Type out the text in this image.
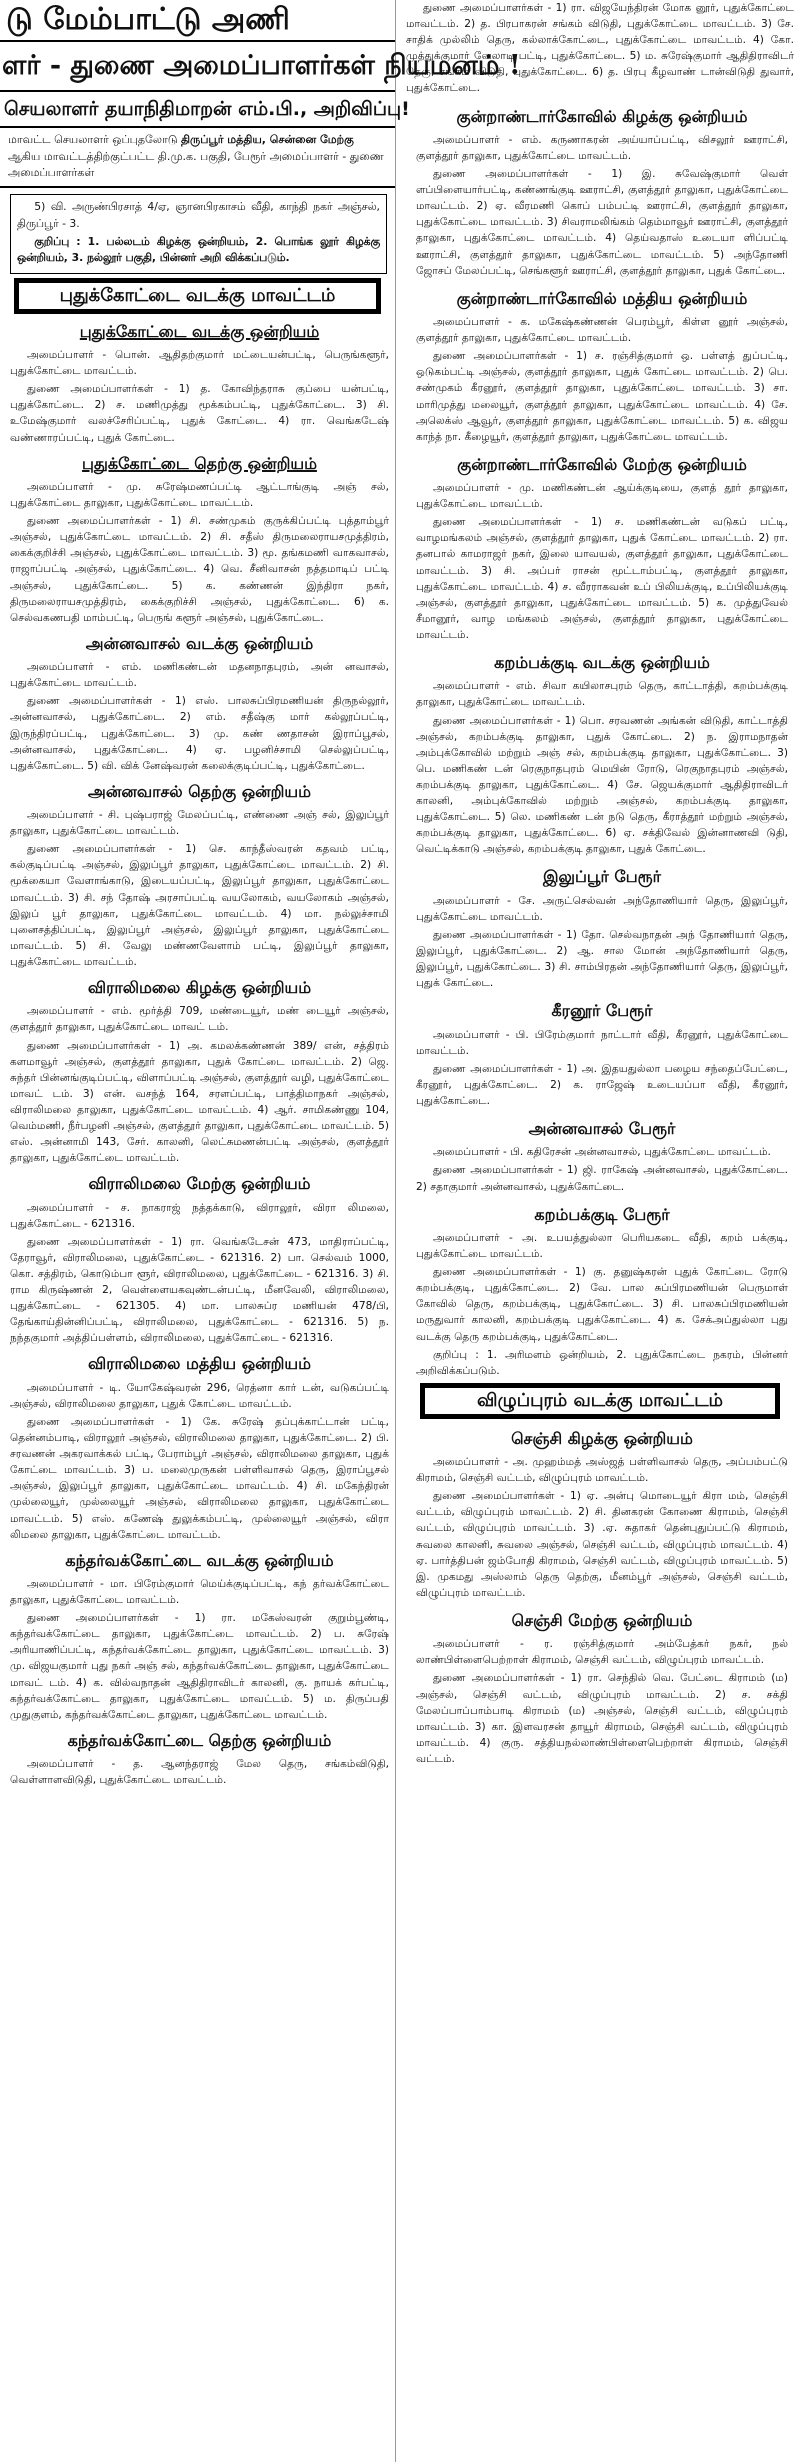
டு மேம்பாட்டு அணி
ளர் - துணை அமைப்பாளர்கள் நியமனம் !
செயலாளர் தயாநிதிமாறன் எம்.பி., அறிவிப்பு!
மாவட்ட செயலாளர் ஒப்புதலோடு திருப்பூர் மத்திய, சென்னை மேற்கு ஆகிய மாவட்டத்திற்குட்பட்ட தி.மு.க. பகுதி, பேரூர் அமைப்பாளர் - துணை அமைப்பாளர்கள்
5) வி. அருண்பிரசாத் 4/ஏ, ஞானபிரகாசம் வீதி, காந்தி நகர் அஞ்சல், திருப்பூர் - 3.
குறிப்பு : 1. பல்லடம் கிழக்கு ஒன்றியம், 2. பொங்க லூர் கிழக்கு ஒன்றியம், 3. நல்லூர் பகுதி, பின்னர் அறி விக்கப்படும்.
புதுக்கோட்டை வடக்கு மாவட்டம்
புதுக்கோட்டை வடக்கு ஒன்றியம்
அமைப்பாளர் - பொன். ஆதிதற்குமார் மட்டையன்பட்டி, பெருங்களூர், புதுக்கோட்டை மாவட்டம்.
துணை அமைப்பாளர்கள் - 1) த. கோவிந்தராசு குப்பை யன்பட்டி, புதுக்கோட்டை. 2) ச. மணிமுத்து மூக்கம்பட்டி, புதுக்கோட்டை. 3) சி. உமேஷ்குமார் வலச்சேரிப்பட்டி, புதுக் கோட்டை. 4) ரா. வெங்கடேஷ் வண்ணாரப்பட்டி, புதுக் கோட்டை.
புதுக்கோட்டை தெற்கு ஒன்றியம்
அமைப்பாளர் - மு. சுரேஷ்மணப்பட்டி ஆட்டாங்குடி அஞ் சல், புதுக்கோட்டை தாலுகா, புதுக்கோட்டை மாவட்டம்.
துணை அமைப்பாளர்கள் - 1) சி. சண்முகம் குருக்கிப்பட்டி புத்தாம்பூர் அஞ்சல், புதுக்கோட்டை மாவட்டம். 2) சி. சதீஸ் திருமலைராயசமுத்திரம், கைக்குறிச்சி அஞ்சல், புதுக்கோட்டை மாவட்டம். 3) மூ. தங்கமணி வாகவாசல், ராஜாப்பட்டி அஞ்சல், புதுக்கோட்டை. 4) வெ. சீனிவாசன் நத்தமாடிப் பட்டி அஞ்சல், புதுக்கோட்டை. 5) க. கண்ணன் இந்திரா நகர், திருமலைராயசமுத்திரம், கைக்குறிச்சி அஞ்சல், புதுக்கோட்டை. 6) க. செல்வகணபதி மாம்பட்டி, பெருங் களூர் அஞ்சல், புதுக்கோட்டை.
அன்னவாசல் வடக்கு ஒன்றியம்
அமைப்பாளர் - எம். மணிகண்டன் மதனநாதபுரம், அன் னவாசல், புதுக்கோட்டை மாவட்டம்.
துணை அமைப்பாளர்கள் - 1) எஸ். பாலசுப்பிரமணியன் திருநல்லூர், அன்னவாசல், புதுக்கோட்டை. 2) எம். சதீஷ்கு மார் கல்லூப்பட்டி, இருந்திரப்பட்டி, புதுக்கோட்டை. 3) மு. கண் ணதாசன் இராப்பூசல், அன்னவாசல், புதுக்கோட்டை. 4) ஏ. பழனிச்சாமி செல்லுப்பட்டி, புதுக்கோட்டை. 5) வி. விக் னேஷ்வரன் கலைக்குடிப்பட்டி, புதுக்கோட்டை.
அன்னவாசல் தெற்கு ஒன்றியம்
அமைப்பாளர் - சி. புஷ்பராஜ் மேலப்பட்டி, எண்ணை அஞ் சல், இலுப்பூர் தாலுகா, புதுக்கோட்டை மாவட்டம்.
துணை அமைப்பாளர்கள் - 1) செ. காந்தீஸ்வரன் கதவம் பட்டி, கல்குடிப்பட்டி அஞ்சல், இலுப்பூர் தாலுகா, புதுக்கோட்டை மாவட்டம். 2) சி. மூக்கையா வேளாங்காடு, இடையப்பட்டி, இலுப்பூர் தாலுகா, புதுக்கோட்டை மாவட்டம். 3) சி. சந் தோஷ் அரசாப்பட்டி வயலோகம், வயலோகம் அஞ்சல், இலுப் பூர் தாலுகா, புதுக்கோட்டை மாவட்டம். 4) மா. நல்லுச்சாமி புனைசத்திப்பட்டி, இலுப்பூர் அஞ்சல், இலுப்பூர் தாலுகா, புதுக்கோட்டை மாவட்டம். 5) சி. வேலு மண்ணவேளாம் பட்டி, இலுப்பூர் தாலுகா, புதுக்கோட்டை மாவட்டம்.
விராலிமலை கிழக்கு ஒன்றியம்
அமைப்பாளர் - எம். மூர்த்தி 709, மண்டையூர், மண் டையூர் அஞ்சல், குளத்தூர் தாலுகா, புதுக்கோட்டை மாவட் டம்.
துணை அமைப்பாளர்கள் - 1) அ. கமலக்கண்ணன் 389/ என், சத்திரம் களமாவூர் அஞ்சல், குளத்தூர் தாலுகா, புதுக் கோட்டை மாவட்டம். 2) ஜெ. சுந்தர் பின்னங்குடிப்பட்டி, விளாப்பட்டி அஞ்சல், குளத்தூர் வழி, புதுக்கோட்டை மாவட் டம். 3) என். வசந்த் 164, சரளப்பட்டி, பாத்திமாநகர் அஞ்சல், விராலிமலை தாலுகா, புதுக்கோட்டை மாவட்டம். 4) ஆர். சாமிகண்ணு 104, வெம்மணி, நீர்பழனி அஞ்சல், குளத்தூர் தாலுகா, புதுக்கோட்டை மாவட்டம். 5) எஸ். அன்னாமி 143, சேர். காலனி, லெட்சுமணன்பட்டி அஞ்சல், குளத்தூர் தாலுகா, புதுக்கோட்டை மாவட்டம்.
விராலிமலை மேற்கு ஒன்றியம்
அமைப்பாளர் - ச. நாகராஜ் நத்தக்காடு, விராலூர், விரா லிமலை, புதுக்கோட்டை - 621316.
துணை அமைப்பாளர்கள் - 1) ரா. வெங்கடேசன் 473, மாதிராப்பட்டி, தேராவூர், விராலிமலை, புதுக்கோட்டை - 621316. 2) பா. செல்வம் 1000, கொ. சத்திரம், கொடும்பா ளூர், விராலிமலை, புதுக்கோட்டை - 621316. 3) சி. ராம கிருஷ்ணன் 2, வெள்ளையகவுண்டன்பட்டி, மீனவேலி, விராலிமலை, புதுக்கோட்டை - 621305. 4) மா. பாலசுப்ர மணியன் 478/பி, தேங்காய்தின்னிப்பட்டி, விராலிமலை, புதுக்கோட்டை - 621316. 5) ந. நந்தகுமார் அத்திப்பள்ளம், விராலிமலை, புதுக்கோட்டை - 621316.
விராலிமலை மத்திய ஒன்றியம்
அமைப்பாளர் - டி. யோகேஷ்வரன் 296, ரெத்னா கார் டன், வடுகப்பட்டி அஞ்சல், விராலிமலை தாலுகா, புதுக் கோட்டை மாவட்டம்.
துணை அமைப்பாளர்கள் - 1) கே. சுரேஷ் தப்புக்காட்டான் பட்டி, தென்னம்பாடி, விராலூர் அஞ்சல், விராலிமலை தாலுகா, புதுக்கோட்டை. 2) பி. சரவணன் அகரவாக்கல் பட்டி, பேராம்பூர் அஞ்சல், விராலிமலை தாலுகா, புதுக் கோட்டை மாவட்டம். 3) ப. மலைமுருகன் பள்ளிவாசல் தெரு, இராப்பூசல் அஞ்சல், இலுப்பூர் தாலுகா, புதுக்கோட்டை மாவட்டம். 4) சி. மகேந்திரன் முல்லையூர், முல்லையூர் அஞ்சல், விராலிமலை தாலுகா, புதுக்கோட்டை மாவட்டம். 5) எஸ். கணேஷ் துலுக்கம்பட்டி, முல்லையூர் அஞ்சல், விரா லிமலை தாலுகா, புதுக்கோட்டை மாவட்டம்.
கந்தர்வக்கோட்டை வடக்கு ஒன்றியம்
அமைப்பாளர் - மா. பிரேம்குமார் மெய்க்குடிப்பட்டி, கந் தர்வக்கோட்டை தாலுகா, புதுக்கோட்டை மாவட்டம்.
துணை அமைப்பாளர்கள் - 1) ரா. மகேஸ்வரன் குறும்பூண்டி, கந்தர்வக்கோட்டை தாலுகா, புதுக்கோட்டை மாவட்டம். 2) ப. சுரேஷ் அரியாணிப்பட்டி, கந்தர்வக்கோட்டை தாலுகா, புதுக்கோட்டை மாவட்டம். 3) மு. விஜயகுமார் புது நகர் அஞ் சல், கந்தர்வக்கோட்டை தாலுகா, புதுக்கோட்டை மாவட் டம். 4) க. வில்வநாதன் ஆதிதிராவிடர் காலனி, கு. நாயக் கர்பட்டி, கந்தர்வக்கோட்டை தாலுகா, புதுக்கோட்டை மாவட்டம். 5) ம. திருப்பதி முதுகுளம், கந்தர்வக்கோட்டை தாலுகா, புதுக்கோட்டை மாவட்டம்.
கந்தர்வக்கோட்டை தெற்கு ஒன்றியம்
அமைப்பாளர் - த. ஆனந்தராஜ் மேல தெரு, சங்கம்விடுதி, வெள்ளாளவிடுதி, புதுக்கோட்டை மாவட்டம்.
துணை அமைப்பாளர்கள் - 1) ரா. விஜயேந்திரன் மோக னூர், புதுக்கோட்டை மாவட்டம். 2) த. பிரபாகரன் சங்கம் விடுதி, புதுக்கோட்டை மாவட்டம். 3) சே. சாதிக் முல்லிம் தெரு, கல்லாக்கோட்டை, புதுக்கோட்டை மாவட்டம். 4) கோ. முத்துக்குமார் வேலாடி பட்டி, புதுக்கோட்டை. 5) ம. சுரேஷ்குமார் ஆதிதிராவிடர் தெரு, சங்கம் விடுதி, புதுக்கோட்டை. 6) த. பிரபு கீழவாண் டான்விடுதி துவார், புதுக்கோட்டை.
குன்றாண்டார்கோவில் கிழக்கு ஒன்றியம்
அமைப்பாளர் - எம். கருணாகரன் அய்யாப்பட்டி, விசலூர் ஊராட்சி, குளத்தூர் தாலுகா, புதுக்கோட்டை மாவட்டம்.
துணை அமைப்பாளர்கள் - 1) இ. சுவேஷ்குமார் வெள் ளப்பிளையார்பட்டி, கண்ணங்குடி ஊராட்சி, குளத்தூர் தாலுகா, புதுக்கோட்டை மாவட்டம். 2) ஏ. வீரமணி கொப் பம்பட்டி ஊராட்சி, குளத்தூர் தாலுகா, புதுக்கோட்டை மாவட்டம். 3) சிவராமலிங்கம் தெம்மாவூர் ஊராட்சி, குளத்தூர் தாலுகா, புதுக்கோட்டை மாவட்டம். 4) தெய்வதாஸ் உடையா ளிப்பட்டி ஊராட்சி, குளத்தூர் தாலுகா, புதுக்கோட்டை மாவட்டம். 5) அந்தோணி ஜோசப் மேலப்பட்டி, செங்களூர் ஊராட்சி, குளத்தூர் தாலுகா, புதுக் கோட்டை.
குன்றாண்டார்கோவில் மத்திய ஒன்றியம்
அமைப்பாளர் - க. மகேஷ்கண்ணன் பெரம்பூர், கிள்ள னூர் அஞ்சல், குளத்தூர் தாலுகா, புதுக்கோட்டை மாவட்டம்.
துணை அமைப்பாளர்கள் - 1) ச. ரஞ்சித்குமார் ஒ. பள்ளத் துப்பட்டி, ஒடுகம்பட்டி அஞ்சல், குளத்தூர் தாலுகா, புதுக் கோட்டை மாவட்டம். 2) பெ. சண்முகம் கீரனூர், குளத்தூர் தாலுகா, புதுக்கோட்டை மாவட்டம். 3) சா. மாரிமுத்து மலையூர், குளத்தூர் தாலுகா, புதுக்கோட்டை மாவட்டம். 4) சே. அலெக்ஸ் ஆவூர், குளத்தூர் தாலுகா, புதுக்கோட்டை மாவட்டம். 5) க. விஜய காந்த் நா. கீழையூர், குளத்தூர் தாலுகா, புதுக்கோட்டை மாவட்டம்.
குன்றாண்டார்கோவில் மேற்கு ஒன்றியம்
அமைப்பாளர் - மு. மணிகண்டன் ஆய்க்குடியை, குளத் தூர் தாலுகா, புதுக்கோட்டை மாவட்டம்.
துணை அமைப்பாளர்கள் - 1) ச. மணிகண்டன் வடுகப் பட்டி, வாழமங்கலம் அஞ்சல், குளத்தூர் தாலுகா, புதுக் கோட்டை மாவட்டம். 2) ரா. தனபால் காமராஜர் நகர், இலை யாவயல், குளத்தூர் தாலுகா, புதுக்கோட்டை மாவட்டம். 3) சி. அப்பர் ராசன் மூட்டாம்பட்டி, குளத்தூர் தாலுகா, புதுக்கோட்டை மாவட்டம். 4) ச. வீரராகவன் உப் பிலியக்குடி, உப்பிலியக்குடி அஞ்சல், குளத்தூர் தாலுகா, புதுக்கோட்டை மாவட்டம். 5) க. முத்துவேல் சீமானூர், வாழ மங்கலம் அஞ்சல், குளத்தூர் தாலுகா, புதுக்கோட்டை மாவட்டம்.
கறம்பக்குடி வடக்கு ஒன்றியம்
அமைப்பாளர் - எம். சிவா கயிலாசபுரம் தெரு, காட்டாத்தி, கறம்பக்குடி தாலுகா, புதுக்கோட்டை மாவட்டம்.
துணை அமைப்பாளர்கள் - 1) பொ. சரவணன் அங்கன் விடுதி, காட்டாத்தி அஞ்சல், கறம்பக்குடி தாலுகா, புதுக் கோட்டை. 2) ந. இராமநாதன் அம்புக்கோவில் மற்றும் அஞ் சல், கறம்பக்குடி தாலுகா, புதுக்கோட்டை. 3) பெ. மணிகண் டன் ரெகுநாதபுரம் மெயின் ரோடு, ரெகுநாதபுரம் அஞ்சல், கறம்பக்குடி தாலுகா, புதுக்கோட்டை. 4) சே. ஜெயக்குமார் ஆதிதிராவிடர் காலனி, அம்புக்கோவில் மற்றும் அஞ்சல், கறம்பக்குடி தாலுகா, புதுக்கோட்டை. 5) லெ. மணிகண் டன் நடு தெரு, கீராத்தூர் மற்றும் அஞ்சல், கறம்பக்குடி தாலுகா, புதுக்கோட்டை. 6) ஏ. சக்திவேல் இன்னாணவி டுதி, வெட்டிக்காடு அஞ்சல், கறம்பக்குடி தாலுகா, புதுக் கோட்டை.
இலுப்பூர் பேரூர்
அமைப்பாளர் - சே. அருட்செல்வன் அந்தோணியார் தெரு, இலுப்பூர், புதுக்கோட்டை மாவட்டம்.
துணை அமைப்பாளர்கள் - 1) தோ. செல்வநாதன் அந் தோணியார் தெரு, இலுப்பூர், புதுக்கோட்டை. 2) ஆ. சால மோன் அந்தோணியார் தெரு, இலுப்பூர், புதுக்கோட்டை. 3) சி. சாம்பிரதன் அந்தோணியார் தெரு, இலுப்பூர், புதுக் கோட்டை.
கீரனூர் பேரூர்
அமைப்பாளர் - பி. பிரேம்குமார் நாட்டார் வீதி, கீரனூர், புதுக்கோட்டை மாவட்டம்.
துணை அமைப்பாளர்கள் - 1) அ. இதயதுல்லா பழைய சந்தைப்பேட்டை, கீரனூர், புதுக்கோட்டை. 2) க. ராஜேஷ் உடையப்பா வீதி, கீரனூர், புதுக்கோட்டை.
அன்னவாசல் பேரூர்
அமைப்பாளர் - பி. கதிரேசன் அன்னவாசல், புதுக்கோட்டை மாவட்டம்.
துணை அமைப்பாளர்கள் - 1) ஜி. ராகேஷ் அன்னவாசல், புதுக்கோட்டை. 2) சதாகுமார் அன்னவாசல், புதுக்கோட்டை.
கறம்பக்குடி பேரூர்
அமைப்பாளர் - அ. உபயத்துல்லா பெரியகடை வீதி, கறம் பக்குடி, புதுக்கோட்டை மாவட்டம்.
துணை அமைப்பாளர்கள் - 1) கு. தனுஷ்கரன் புதுக் கோட்டை ரோடு கறம்பக்குடி, புதுக்கோட்டை. 2) வே. பால சுப்பிரமணியன் பெருமாள் கோவில் தெரு, கறம்பக்குடி, புதுக்கோட்டை. 3) சி. பாலசுப்பிரமணியன் மருதுவார் காலனி, கறம்பக்குடி புதுக்கோட்டை. 4) க. சேக்அப்துல்லா புது வடக்கு தெரு கறம்பக்குடி, புதுக்கோட்டை.
குறிப்பு : 1. அரிமளம் ஒன்றியம், 2. புதுக்கோட்டை நகரம், பின்னர் அறிவிக்கப்படும்.
விழுப்புரம் வடக்கு மாவட்டம்
செஞ்சி கிழக்கு ஒன்றியம்
அமைப்பாளர் - அ. முஹம்மத் அஸ்ஜத் பள்ளிவாசல் தெரு, அப்பம்பட்டு கிராமம், செஞ்சி வட்டம், விழுப்புரம் மாவட்டம்.
துணை அமைப்பாளர்கள் - 1) ஏ. அன்பு மொடையூர் கிரா மம், செஞ்சி வட்டம், விழுப்புரம் மாவட்டம். 2) சி. தினகரன் கோணை கிராமம், செஞ்சி வட்டம், விழுப்புரம் மாவட்டம். 3) .ஏ. சுதாகர் தென்புதுப்பட்டு கிராமம், சுவலை காலனி, சுவலை அஞ்சல், செஞ்சி வட்டம், விழுப்புரம் மாவட்டம். 4) ஏ. பார்த்திபன் ஜம்போதி கிராமம், செஞ்சி வட்டம், விழுப்புரம் மாவட்டம். 5) இ. முகமது அஸ்லாம் தெரு தெற்கு, மீனம்பூர் அஞ்சல், செஞ்சி வட்டம், விழுப்புரம் மாவட்டம்.
செஞ்சி மேற்கு ஒன்றியம்
அமைப்பாளர் - ர. ரஞ்சித்குமார் அம்பேத்கர் நகர், நல் லாண்பிள்ளைபெற்றாள் கிராமம், செஞ்சி வட்டம், விழுப்புரம் மாவட்டம்.
துணை அமைப்பாளர்கள் - 1) ரா. செந்தில் வெ. பேட்டை கிராமம் (ம) அஞ்சல், செஞ்சி வட்டம், விழுப்புரம் மாவட்டம். 2) ச. சக்தி மேலப்பாப்பாம்பாடி கிராமம் (ம) அஞ்சல், செஞ்சி வட்டம், விழுப்புரம் மாவட்டம். 3) கா. இளவரசன் தாயூர் கிராமம், செஞ்சி வட்டம், விழுப்புரம் மாவட்டம். 4) குரு. சத்தியநல்லாண்பிள்ளைபெற்றாள் கிராமம், செஞ்சி வட்டம்.
